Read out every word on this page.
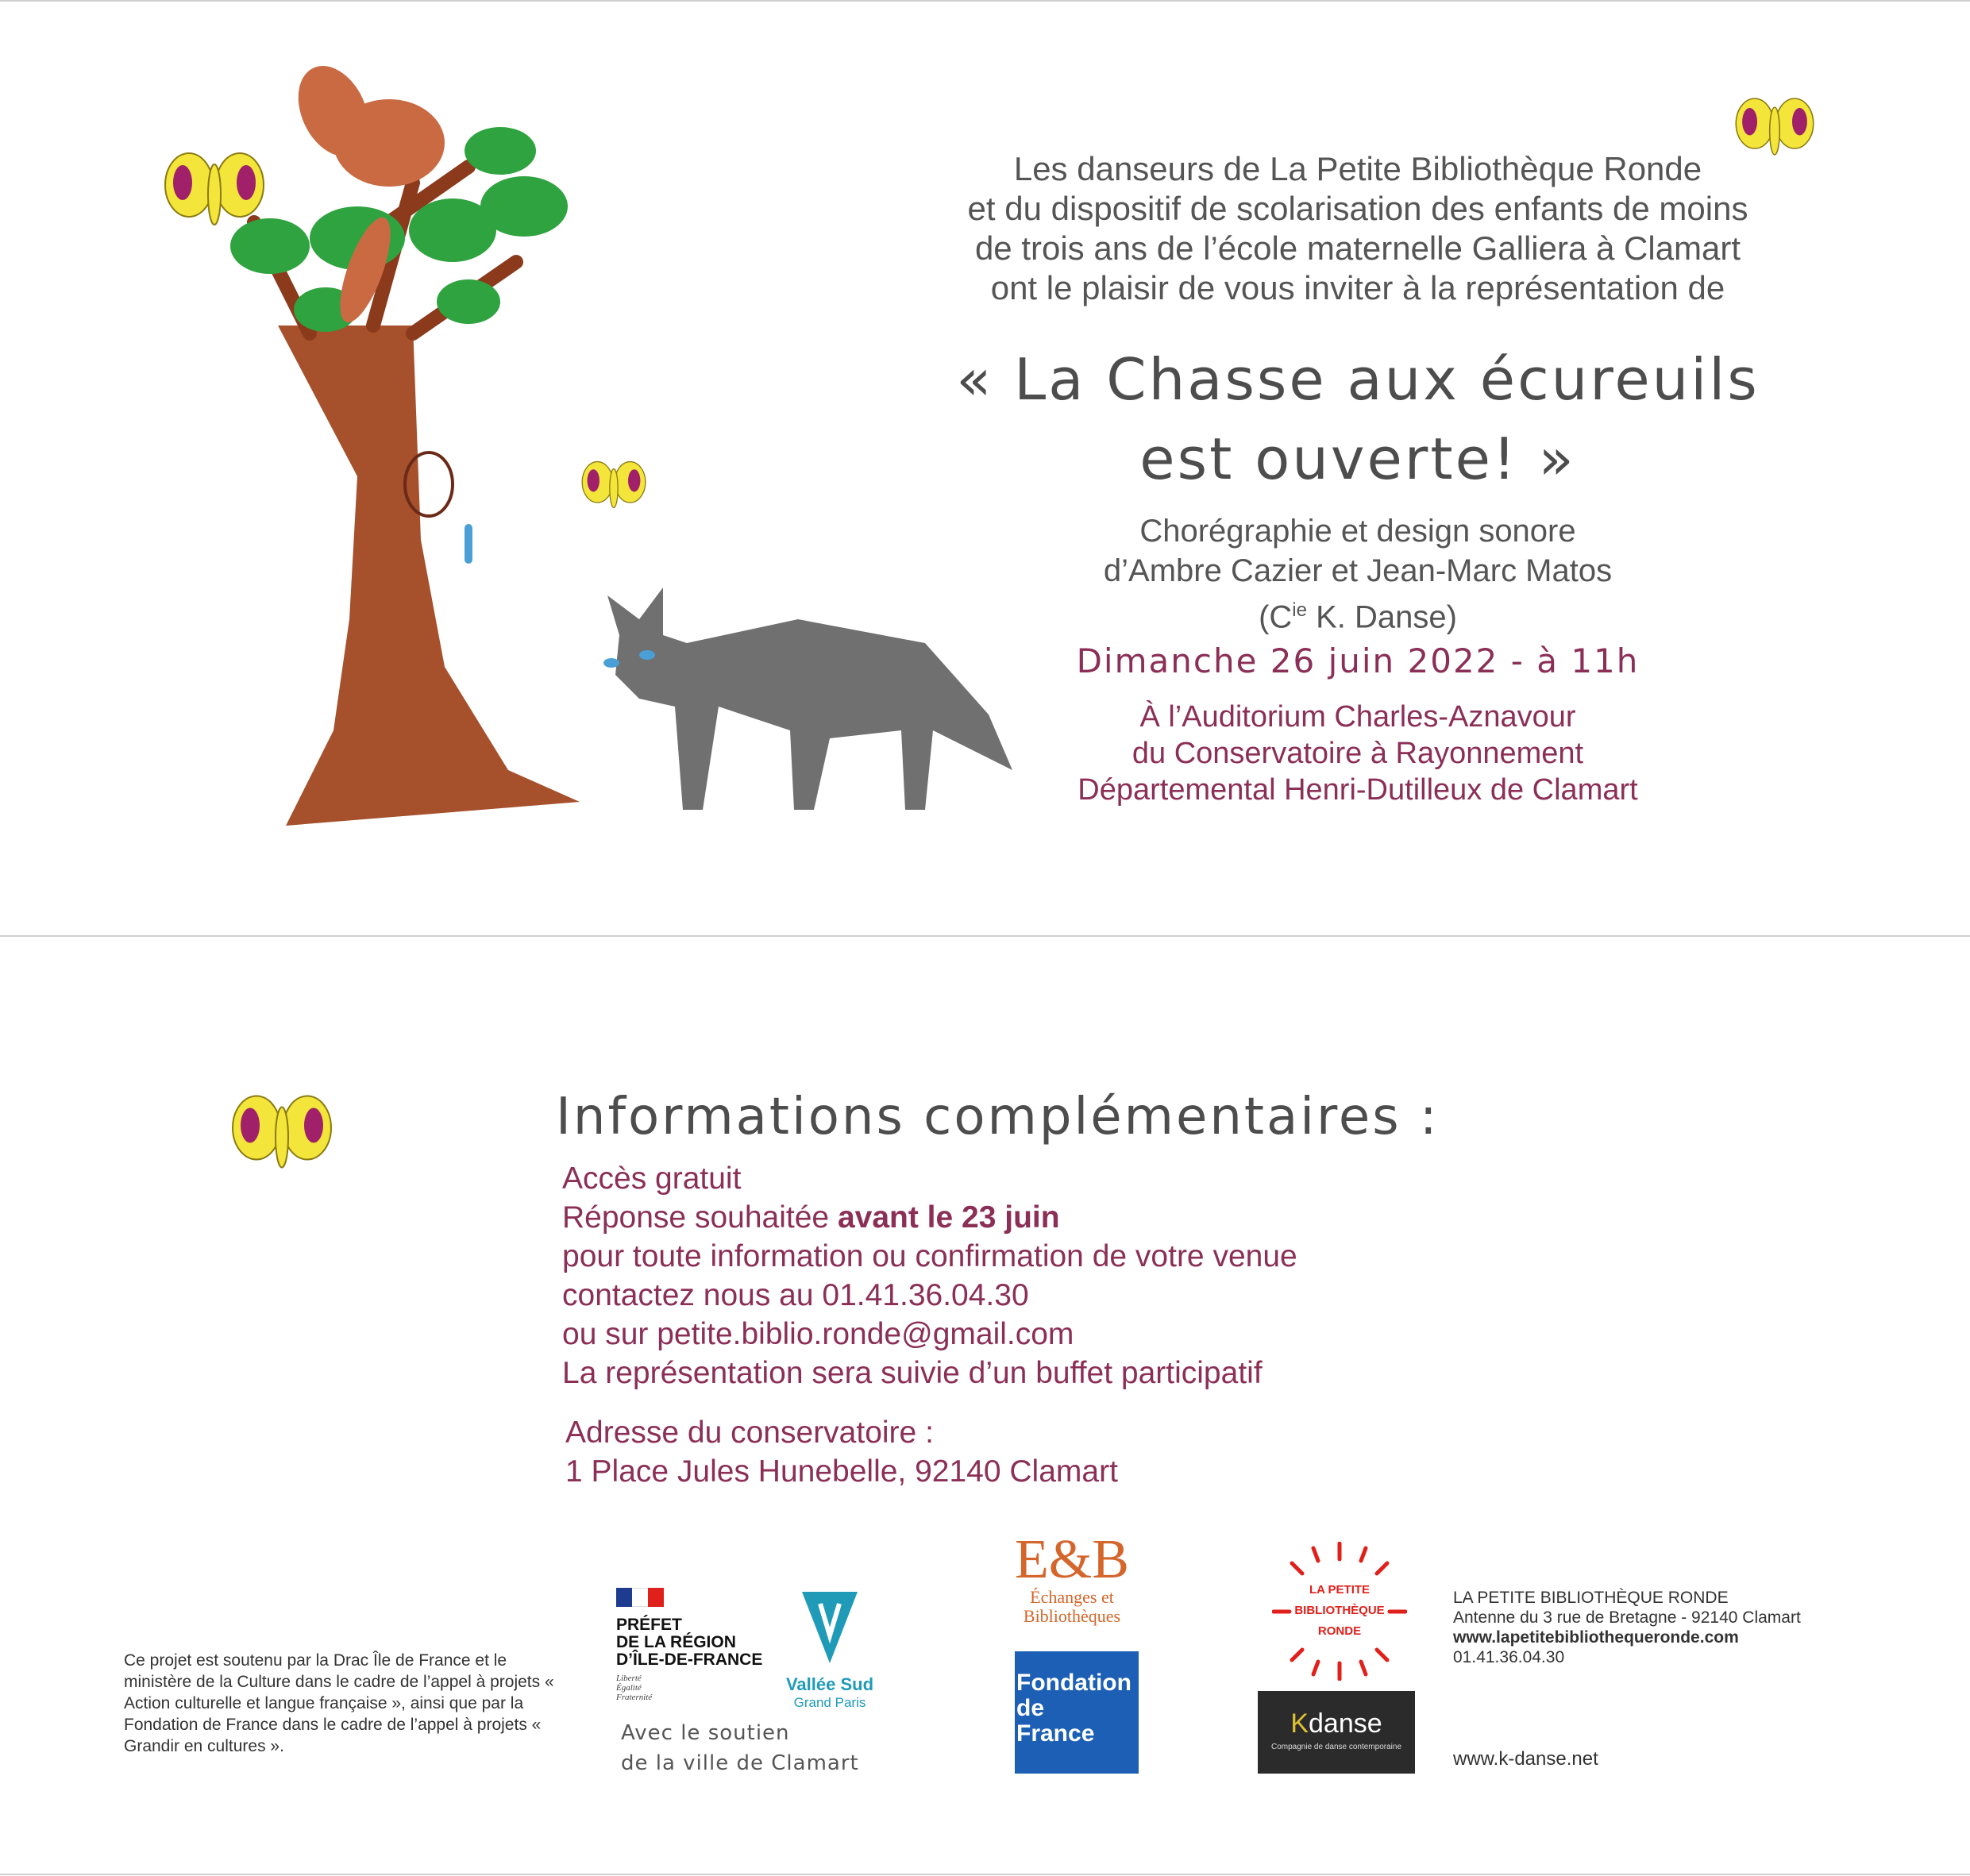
Les danseurs de La Petite Bibliothèque Ronde
et du dispositif de scolarisation des enfants de moins
de trois ans de l’école maternelle Galliera à Clamart
ont le plaisir de vous inviter à la représentation de
« La Chasse aux écureuils
est ouverte! »
Chorégraphie et design sonore
d’Ambre Cazier et Jean-Marc Matos
($C^{ie}$ K. Danse)
Dimanche 26 juin 2022 - à 11h
À l’Auditorium Charles-Aznavour
du Conservatoire à Rayonnement
Départemental Henri-Dutilleux de Clamart
Informations complémentaires :
Accès gratuit
Réponse souhaitée avant le 23 juin
pour toute information ou confirmation de votre venue
contactez nous au 01.41.36.04.30
ou sur petite.biblio.ronde@gmail.com
La représentation sera suivie d’un buffet participatif
Adresse du conservatoire :
1 Place Jules Hunebelle, 92140 Clamart
Ce projet est soutenu par la Drac Île de France et le ministère de la Culture dans le cadre de l’appel à projets « Action culturelle et langue française », ainsi que par la Fondation de France dans le cadre de l’appel à projets « Grandir en cultures ».
PRÉFET
DE LA RÉGION
D’ÎLE-DE-FRANCE
Liberté
Égalité
Fraternité
Vallée Sud
Grand Paris
Avec le soutien
de la ville de Clamart
E&B
Échanges et
Bibliothèques
Fondation
de
France
LA PETITE
BIBLIOTHÈQUE
RONDE
Kdanse
Compagnie de danse contemporaine
LA PETITE BIBLIOTHÈQUE RONDE
Antenne du 3 rue de Bretagne - 92140 Clamart
www.lapetitebibliothequeronde.com
01.41.36.04.30
www.k-danse.net
